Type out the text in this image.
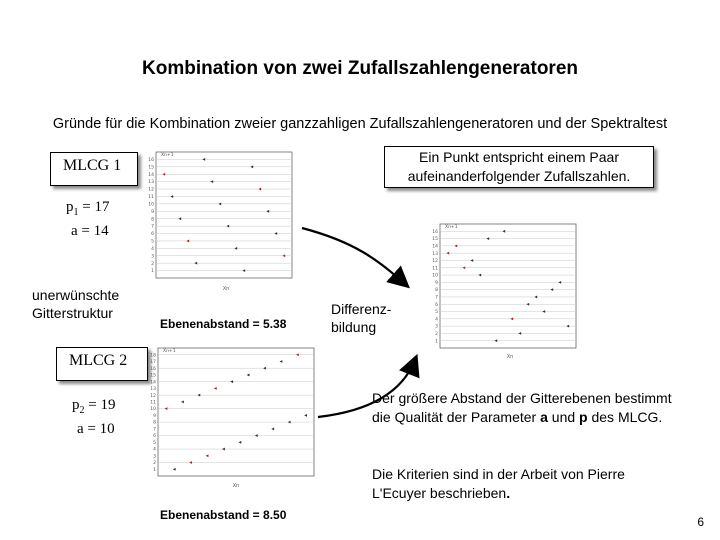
Kombination von zwei Zufallszahlengeneratoren
Gründe für die Kombination zweier ganzzahligen Zufallszahlengeneratoren und der Spektraltest
MLCG 1
$p_1 = 17$
a = 14
unerwünschte
Gitterstruktur
16
15
14
13
12
11
10
9
8
7
6
5
4
3
2
1
Xn
Xn+1
Ebenenabstand = 5.38
Ein Punkt entspricht einem Paar aufeinanderfolgender Zufallszahlen.
Differenz-
bildung
16
15
14
13
12
11
10
9
8
7
6
5
4
3
2
1
Xn
Xn+1
MLCG 2
$p_2 = 19$
a = 10
18
17
16
15
14
13
12
11
10
9
8
7
6
5
4
3
2
1
Xn
Xn+1
Ebenenabstand = 8.50
Der größere Abstand der Gitterebenen bestimmt die Qualität der Parameter a und p des MLCG.
Die Kriterien sind in der Arbeit von Pierre L'Ecuyer beschrieben.
6
